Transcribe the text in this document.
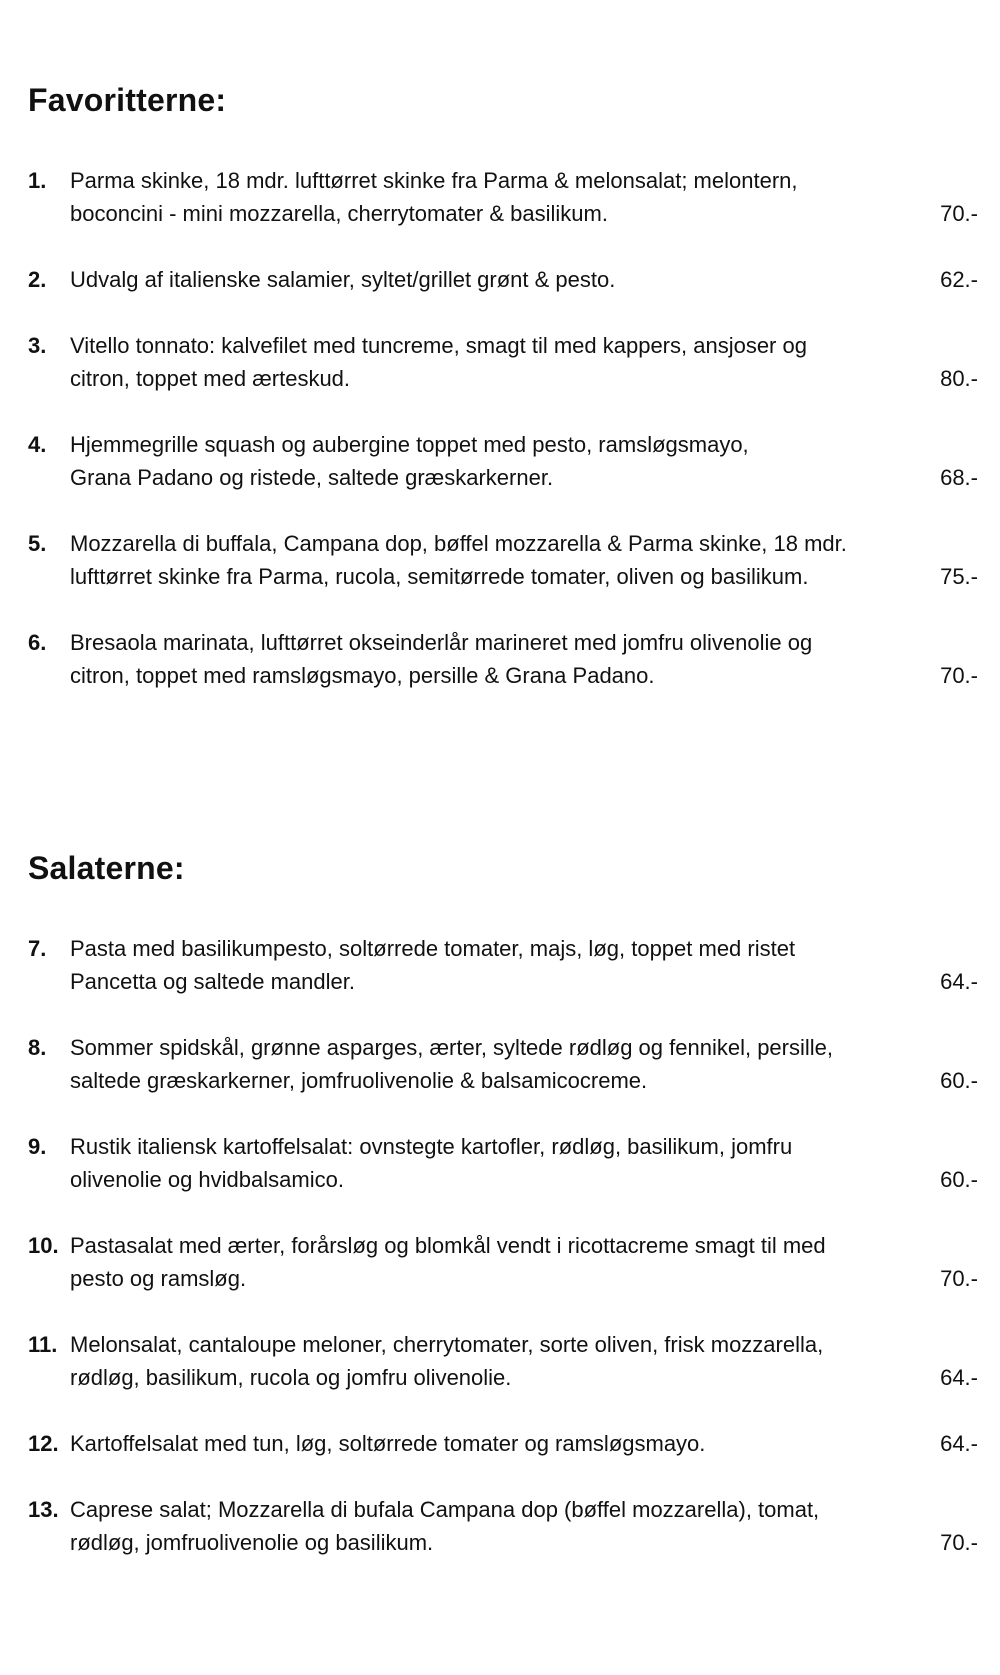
Favoritterne:
1.	Parma skinke, 18 mdr. lufttørret skinke fra Parma & melonsalat; melontern,
boconcini - mini mozzarella, cherrytomater & basilikum.	70.-
2.	Udvalg af italienske salamier, syltet/grillet grønt & pesto.	62.-
3.	Vitello tonnato: kalvefilet med tuncreme, smagt til med kappers, ansjoser og
citron, toppet med ærteskud.	80.-
4.	Hjemmegrille squash og aubergine toppet med pesto, ramsløgsmayo,
Grana Padano og ristede, saltede græskarkerner.	68.-
5.	Mozzarella di buffala, Campana dop, bøffel mozzarella & Parma skinke, 18 mdr.
lufttørret skinke fra Parma, rucola, semitørrede tomater, oliven og basilikum.	75.-
6.	Bresaola marinata, lufttørret okseinderlår marineret med jomfru olivenolie og
citron, toppet med ramsløgsmayo, persille & Grana Padano.	70.-
Salaterne:
7.	Pasta med basilikumpesto, soltørrede tomater, majs, løg, toppet med ristet
Pancetta og saltede mandler.	64.-
8.	Sommer spidskål, grønne asparges, ærter, syltede rødløg og fennikel, persille,
saltede græskarkerner, jomfruolivenolie & balsamicocreme.	60.-
9.	Rustik italiensk kartoffelsalat: ovnstegte kartofler, rødløg, basilikum, jomfru
olivenolie og hvidbalsamico.	60.-
10. Pastasalat med ærter, forårsløg og blomkål vendt i ricottacreme smagt til med
pesto og ramsløg.	70.-
11. Melonsalat, cantaloupe meloner, cherrytomater, sorte oliven, frisk mozzarella,
rødløg, basilikum, rucola og jomfru olivenolie.	64.-
12. Kartoffelsalat med tun, løg, soltørrede tomater og ramsløgsmayo.	64.-
13. Caprese salat; Mozzarella di bufala Campana dop (bøffel mozzarella), tomat,
rødløg, jomfruolivenolie og basilikum.	70.-
